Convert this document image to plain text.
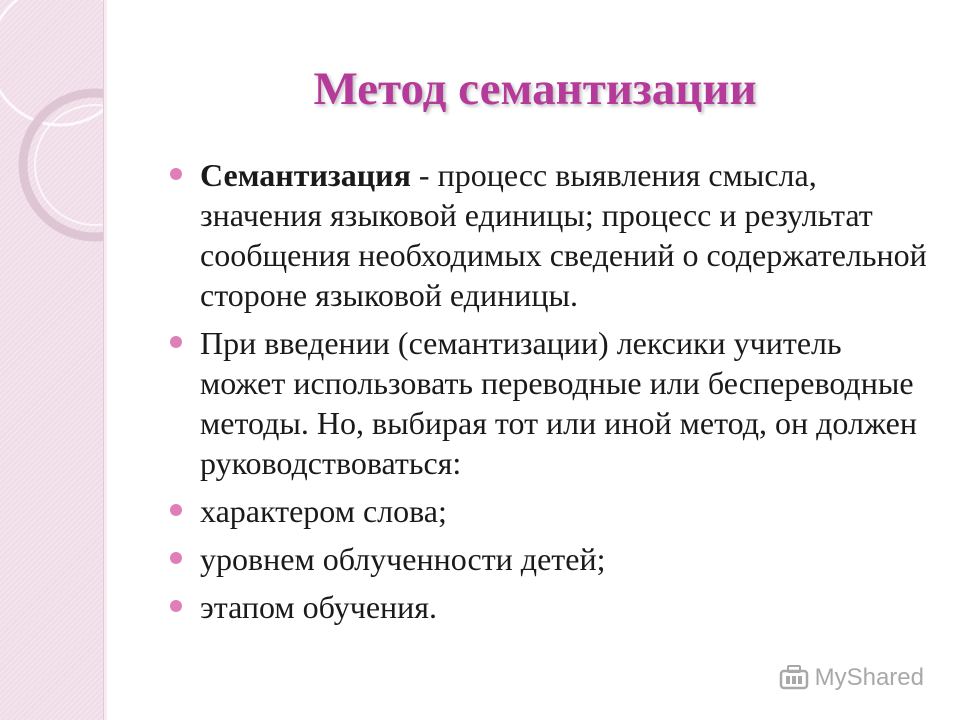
Метод семантизации
Семантизация - процесс выявления смысла, значения языковой единицы; процесс и результат сообщения необходимых сведений о содержательной стороне языковой единицы.
При введении (семантизации) лексики учитель может использовать переводные или беспереводные методы. Но, выбирая тот или иной метод, он должен руководствоваться:
характером слова;
уровнем облученности детей;
этапом обучения.
MyShared
